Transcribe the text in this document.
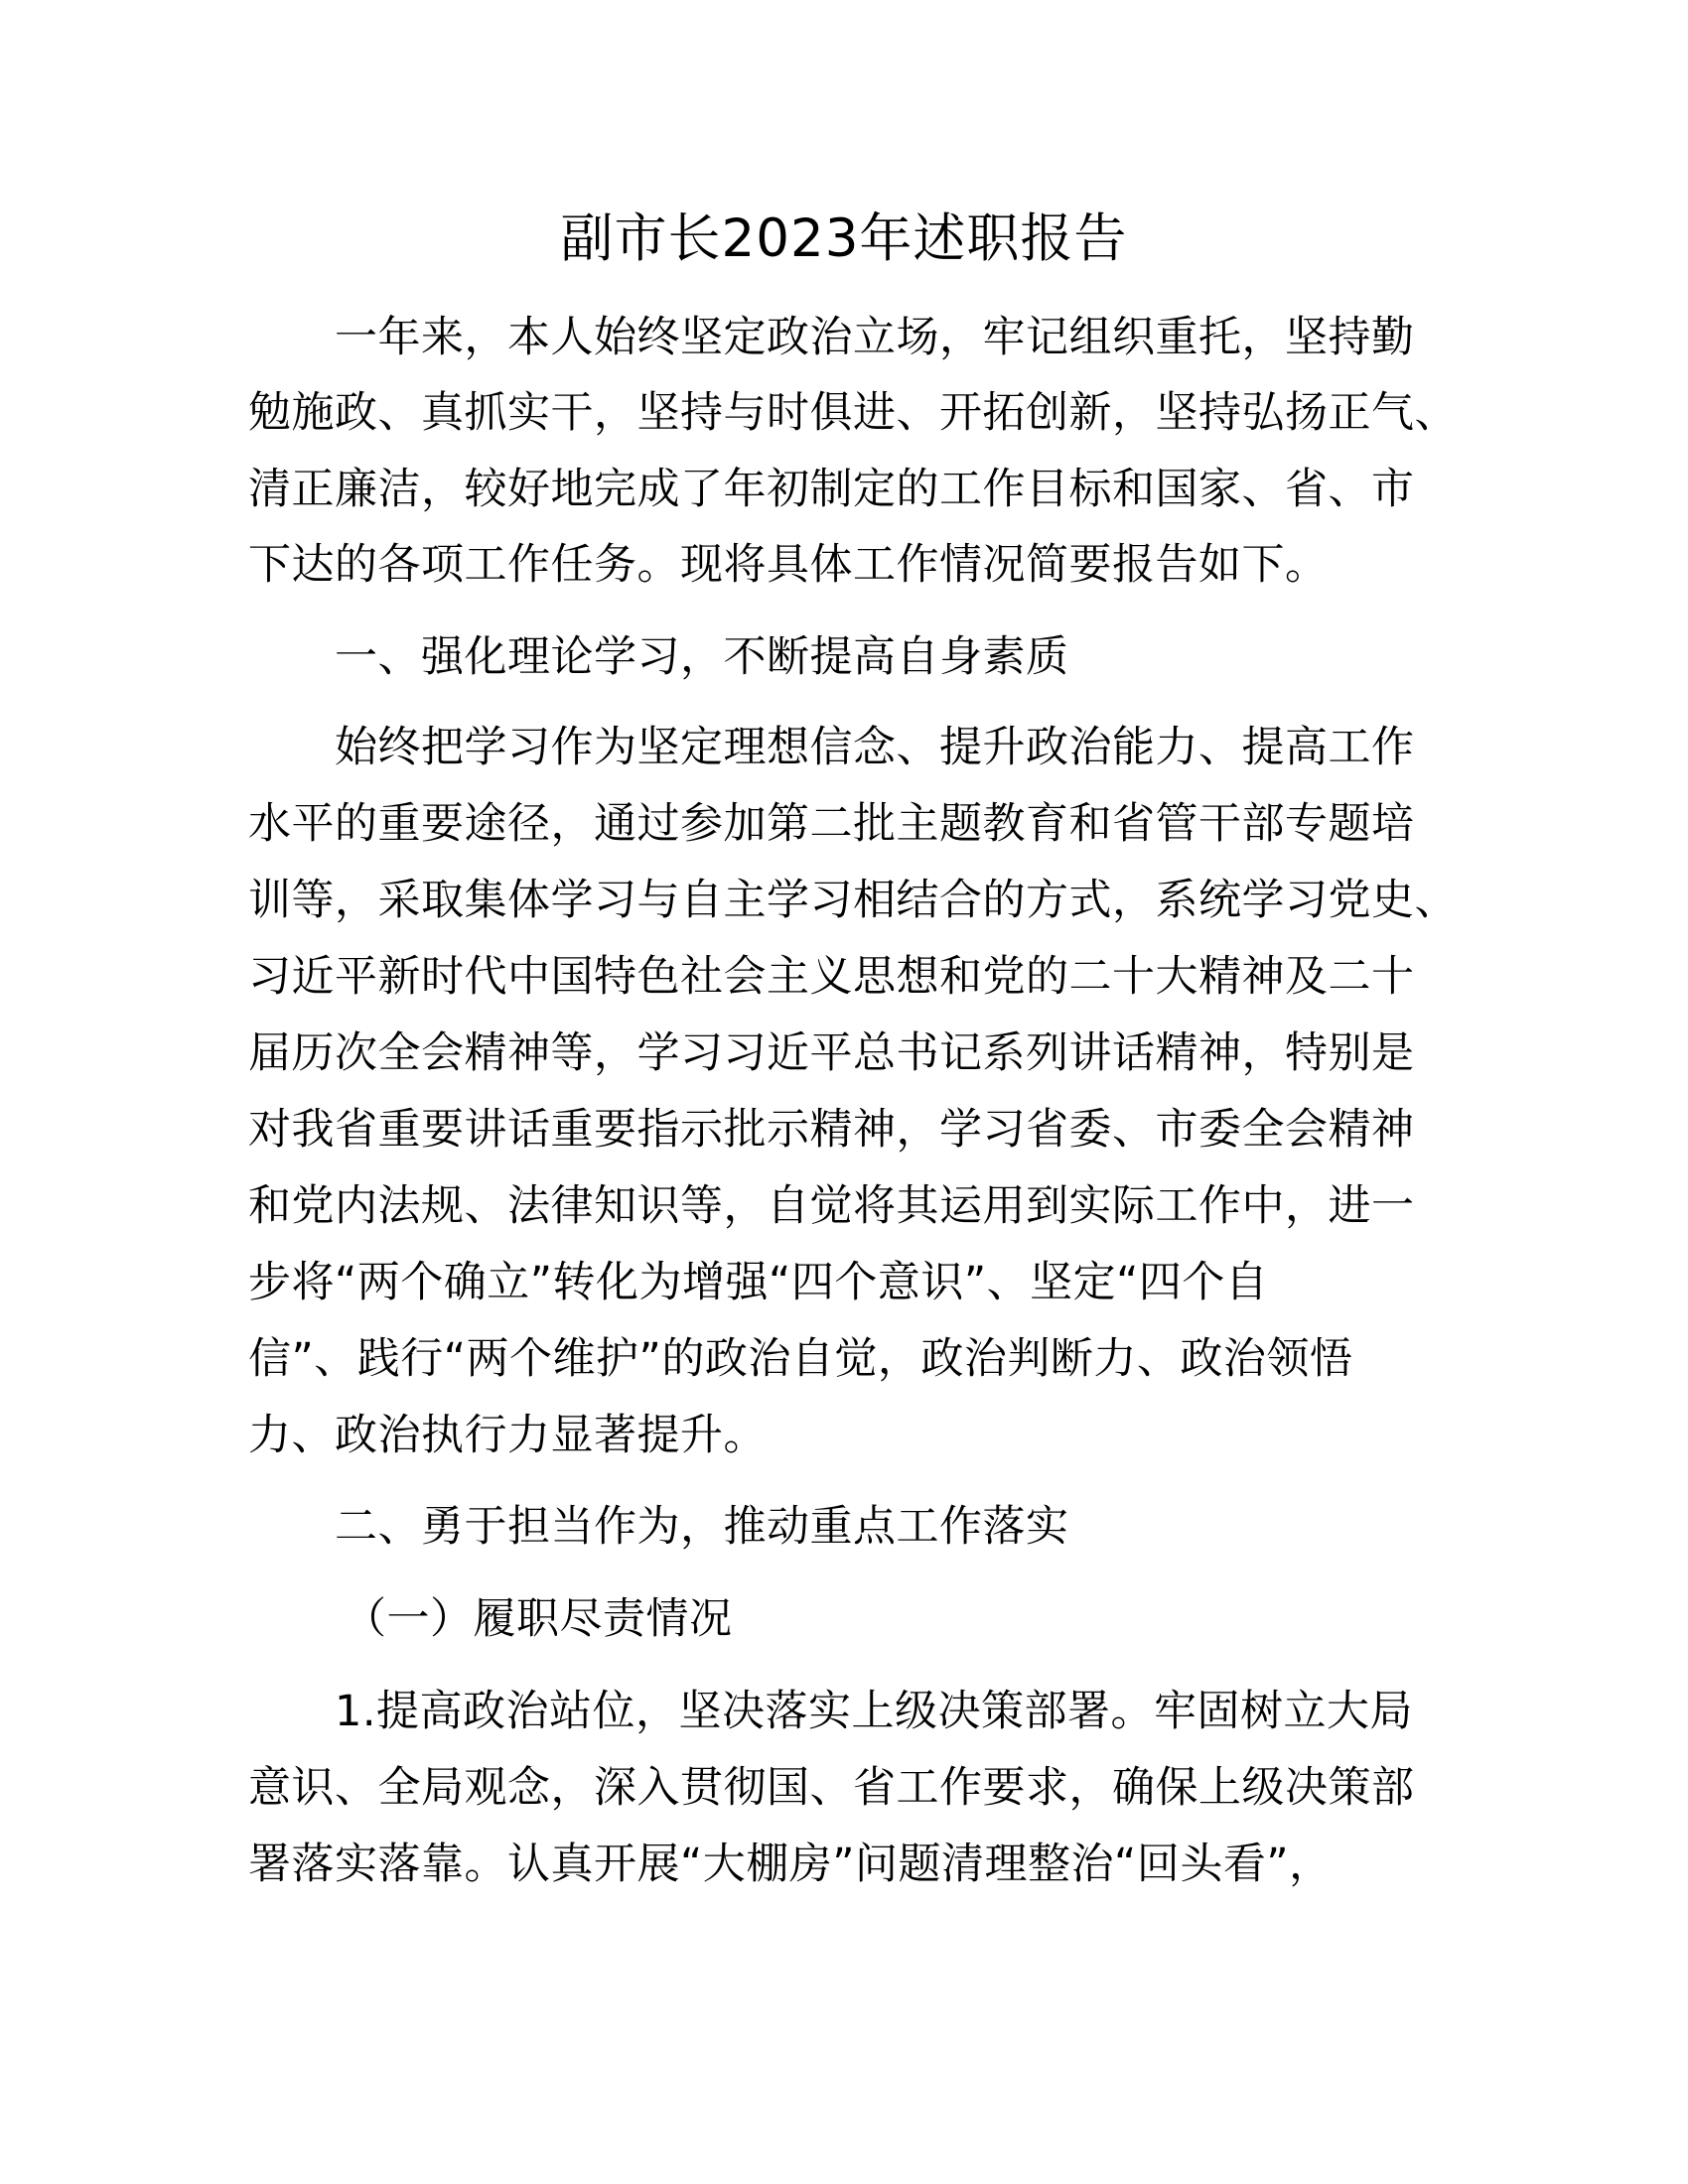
副市长2023年述职报告

一年来，本人始终坚定政治立场，牢记组织重托，坚持勤

勉施政、真抓实干，坚持与时俱进、开拓创新，坚持弘扬正气、

清正廉洁，较好地完成了年初制定的工作目标和国家、省、市

下达的各项工作任务。现将具体工作情况简要报告如下。

一、强化理论学习，不断提高自身素质

始终把学习作为坚定理想信念、提升政治能力、提高工作

水平的重要途径，通过参加第二批主题教育和省管干部专题培

训等，采取集体学习与自主学习相结合的方式，系统学习党史、

习近平新时代中国特色社会主义思想和党的二十大精神及二十

届历次全会精神等，学习习近平总书记系列讲话精神，特别是

对我省重要讲话重要指示批示精神，学习省委、市委全会精神

和党内法规、法律知识等，自觉将其运用到实际工作中，进一

步将“两个确立”转化为增强“四个意识”、坚定“四个自

信”、践行“两个维护”的政治自觉，政治判断力、政治领悟

力、政治执行力显著提升。

二、勇于担当作为，推动重点工作落实

（一）履职尽责情况

1.提高政治站位，坚决落实上级决策部署。牢固树立大局

意识、全局观念，深入贯彻国、省工作要求，确保上级决策部

署落实落靠。认真开展“大棚房”问题清理整治“回头看”，
